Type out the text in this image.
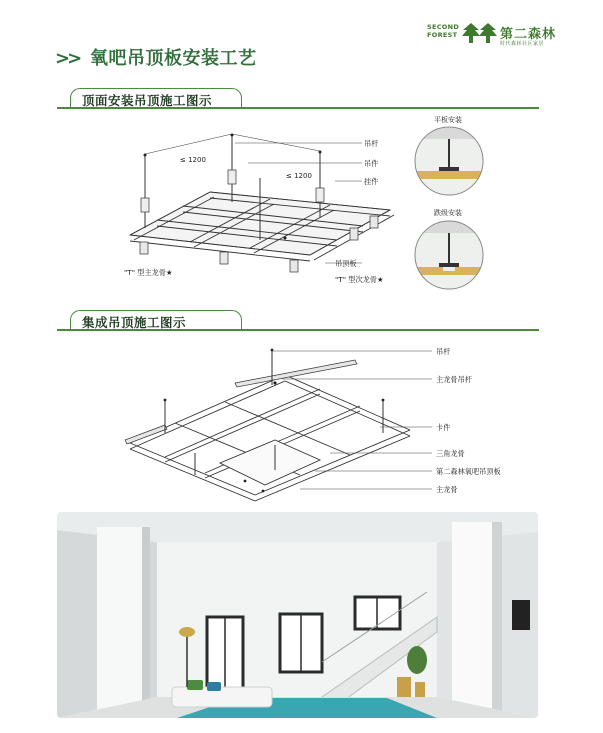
SECOND
FOREST	第二森林
时代森林社区家居
>> 氧吧吊顶板安装工艺
顶面安装吊顶施工图示
≤ 1200
≤ 1200
吊杆
吊件
挂件
吊顶板
"T" 型主龙骨★
"T" 型次龙骨★
平板安装
跌级安装
集成吊顶施工图示
吊杆
主龙骨吊杆
卡件
三角龙骨
第二森林氧吧吊顶板
主龙骨
